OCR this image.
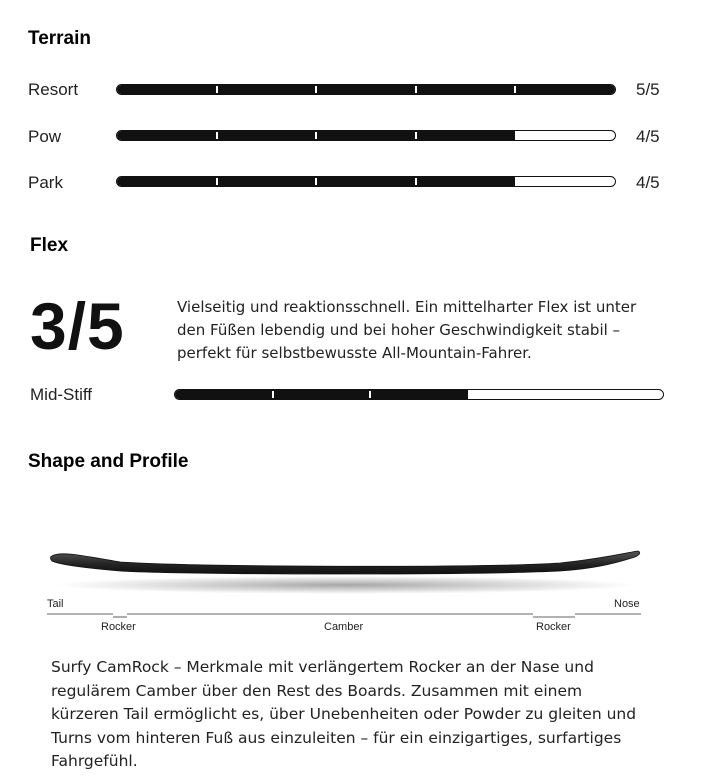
Terrain
Resort	5/5
Pow	4/5
Park	4/5
Flex
3/5	Vielseitig und reaktionsschnell. Ein mittelharter Flex ist unter den Füßen lebendig und bei hoher Geschwindigkeit stabil – perfekt für selbstbewusste All-Mountain-Fahrer.
Mid-Stiff
Shape and Profile
Tail	Nose
Rocker	Camber	Rocker
Surfy CamRock – Merkmale mit verlängertem Rocker an der Nase und regulärem Camber über den Rest des Boards. Zusammen mit einem kürzeren Tail ermöglicht es, über Unebenheiten oder Powder zu gleiten und Turns vom hinteren Fuß aus einzuleiten – für ein einzigartiges, surfartiges Fahrgefühl.
